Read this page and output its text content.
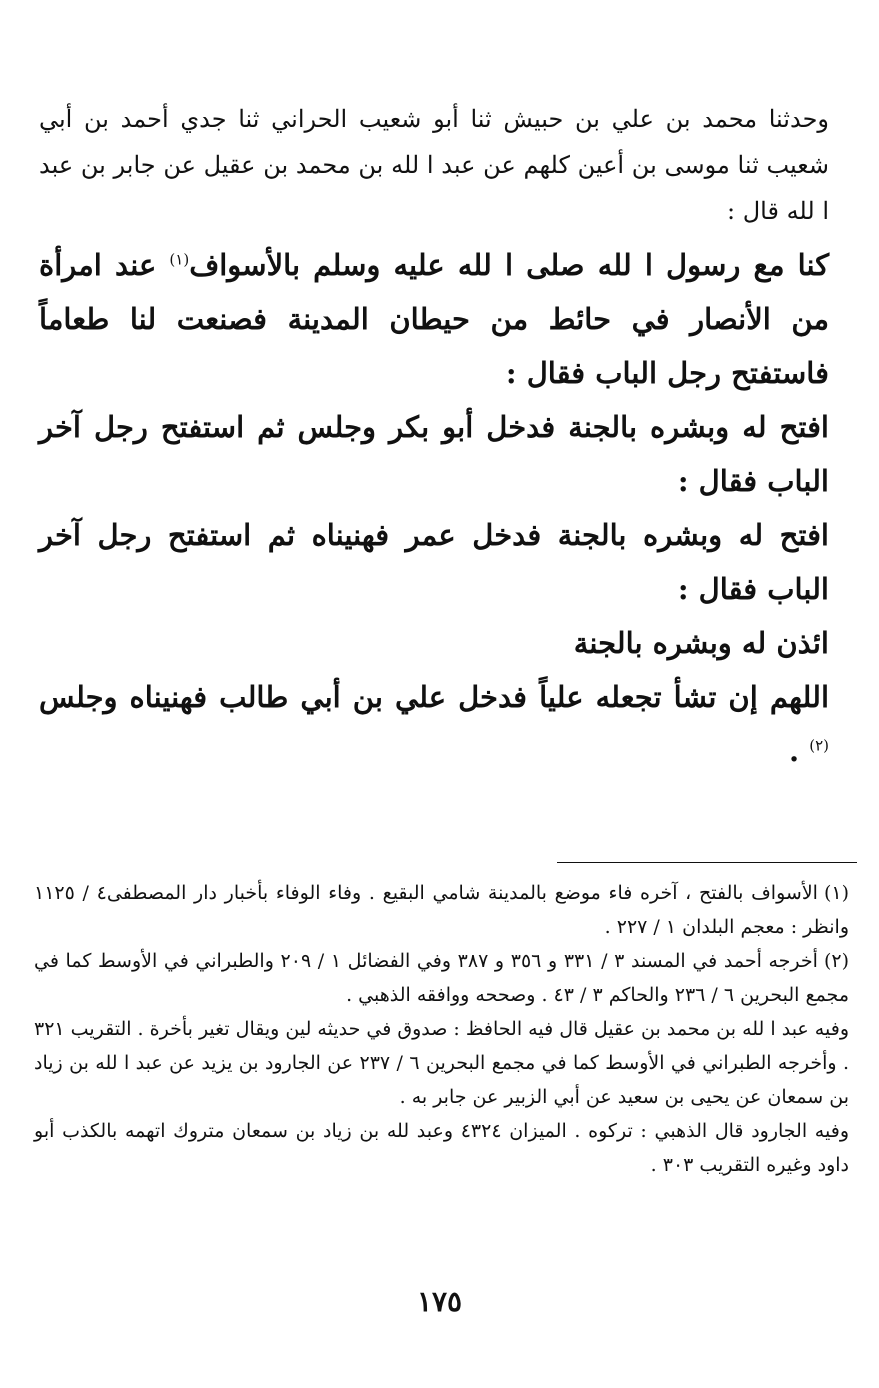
وحدثنا محمد بن علي بن حبيش ثنا أبو شعيب الحراني ثنا جدي أحمد بن أبي شعيب ثنا موسى بن أعين كلهم عن عبد ا لله بن محمد بن عقيل عن جابر بن عبد ا لله قال :

كنا مع رسول ا لله صلى ا لله عليه وسلم بالأسواف$^{(١)}$ عند امرأة من الأنصار في حائط من حيطان المدينة فصنعت لنا طعاماً فاستفتح رجل الباب فقال :

افتح له وبشره بالجنة فدخل أبو بكر وجلس ثم استفتح رجل آخر الباب فقال :

افتح له وبشره بالجنة فدخل عمر فهنيناه ثم استفتح رجل آخر الباب فقال :

ائذن له وبشره بالجنة

اللهم إن تشأ تجعله علياً فدخل علي بن أبي طالب فهنيناه وجلس $^{(٢)}$ .

(١)الأسواف بالفتح ، آخره فاء موضع بالمدينة شامي البقيع . وفاء الوفاء بأخبار دار المصطفى٤ / ١١٢٥ وانظر : معجم البلدان ١ / ٢٢٧ .

(٢)أخرجه أحمد في المسند ٣ / ٣٣١ و ٣٥٦ و ٣٨٧ وفي الفضائل ١ / ٢٠٩ والطبراني في الأوسط كما في مجمع البحرين ٦ / ٢٣٦ والحاكم ٣ / ٤٣ . وصححه ووافقه الذهبي .

وفيه عبد ا لله بن محمد بن عقيل قال فيه الحافظ : صدوق في حديثه لين ويقال تغير بأخرة . التقريب ٣٢١ . وأخرجه الطبراني في الأوسط كما في مجمع البحرين ٦ / ٢٣٧ عن الجارود بن يزيد عن عبد ا لله بن زياد بن سمعان عن يحيى بن سعيد عن أبي الزبير عن جابر به .

وفيه الجارود قال الذهبي : تركوه . الميزان ٤٣٢٤ وعبد لله بن زياد بن سمعان متروك اتهمه بالكذب أبو داود وغيره التقريب ٣٠٣ .

١٧٥
